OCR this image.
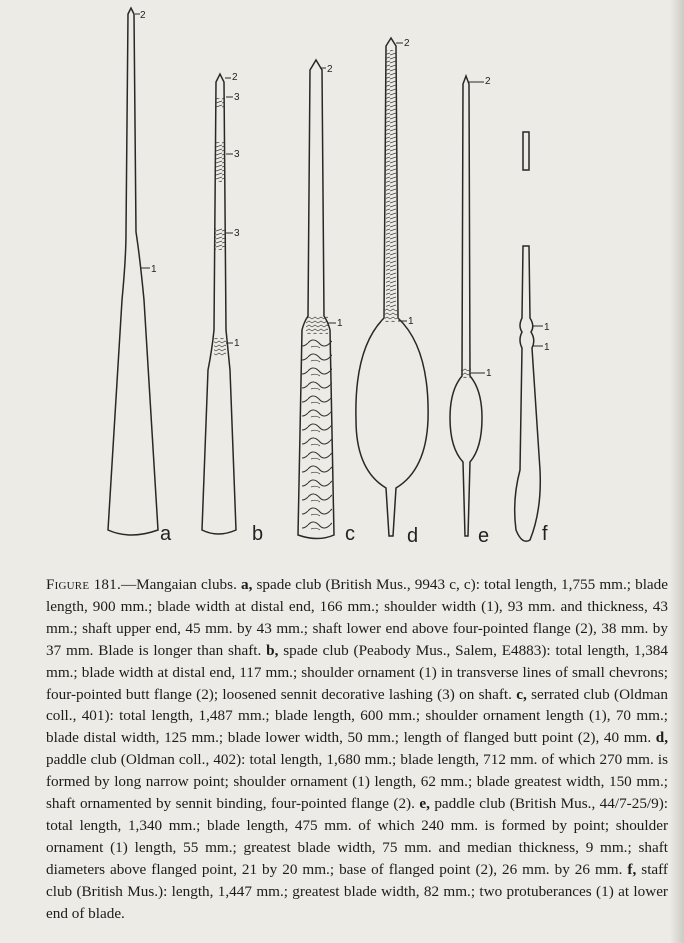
2
1
a
2
3
3
3
1
b
2
1
c
2
1
d
2
1
e
1
1
f
Figure 181.—Mangaian clubs. a, spade club (British Mus., 9943 c, c): total length, 1,755 mm.; blade length, 900 mm.; blade width at distal end, 166 mm.; shoulder width (1), 93 mm. and thickness, 43 mm.; shaft upper end, 45 mm. by 43 mm.; shaft lower end above four-pointed flange (2), 38 mm. by 37 mm. Blade is longer than shaft. b, spade club (Peabody Mus., Salem, E4883): total length, 1,384 mm.; blade width at distal end, 117 mm.; shoulder ornament (1) in transverse lines of small chevrons; four-pointed butt flange (2); loosened sennit decorative lashing (3) on shaft. c, serrated club (Oldman coll., 401): total length, 1,487 mm.; blade length, 600 mm.; shoulder ornament length (1), 70 mm.; blade distal width, 125 mm.; blade lower width, 50 mm.; length of flanged butt point (2), 40 mm. d, paddle club (Oldman coll., 402): total length, 1,680 mm.; blade length, 712 mm. of which 270 mm. is formed by long narrow point; shoulder ornament (1) length, 62 mm.; blade greatest width, 150 mm.; shaft ornamented by sennit binding, four-pointed flange (2). e, paddle club (British Mus., 44/7-25/9): total length, 1,340 mm.; blade length, 475 mm. of which 240 mm. is formed by point; shoulder ornament (1) length, 55 mm.; greatest blade width, 75 mm. and median thickness, 9 mm.; shaft diameters above flanged point, 21 by 20 mm.; base of flanged point (2), 26 mm. by 26 mm. f, staff club (British Mus.): length, 1,447 mm.; greatest blade width, 82 mm.; two protuberances (1) at lower end of blade.
